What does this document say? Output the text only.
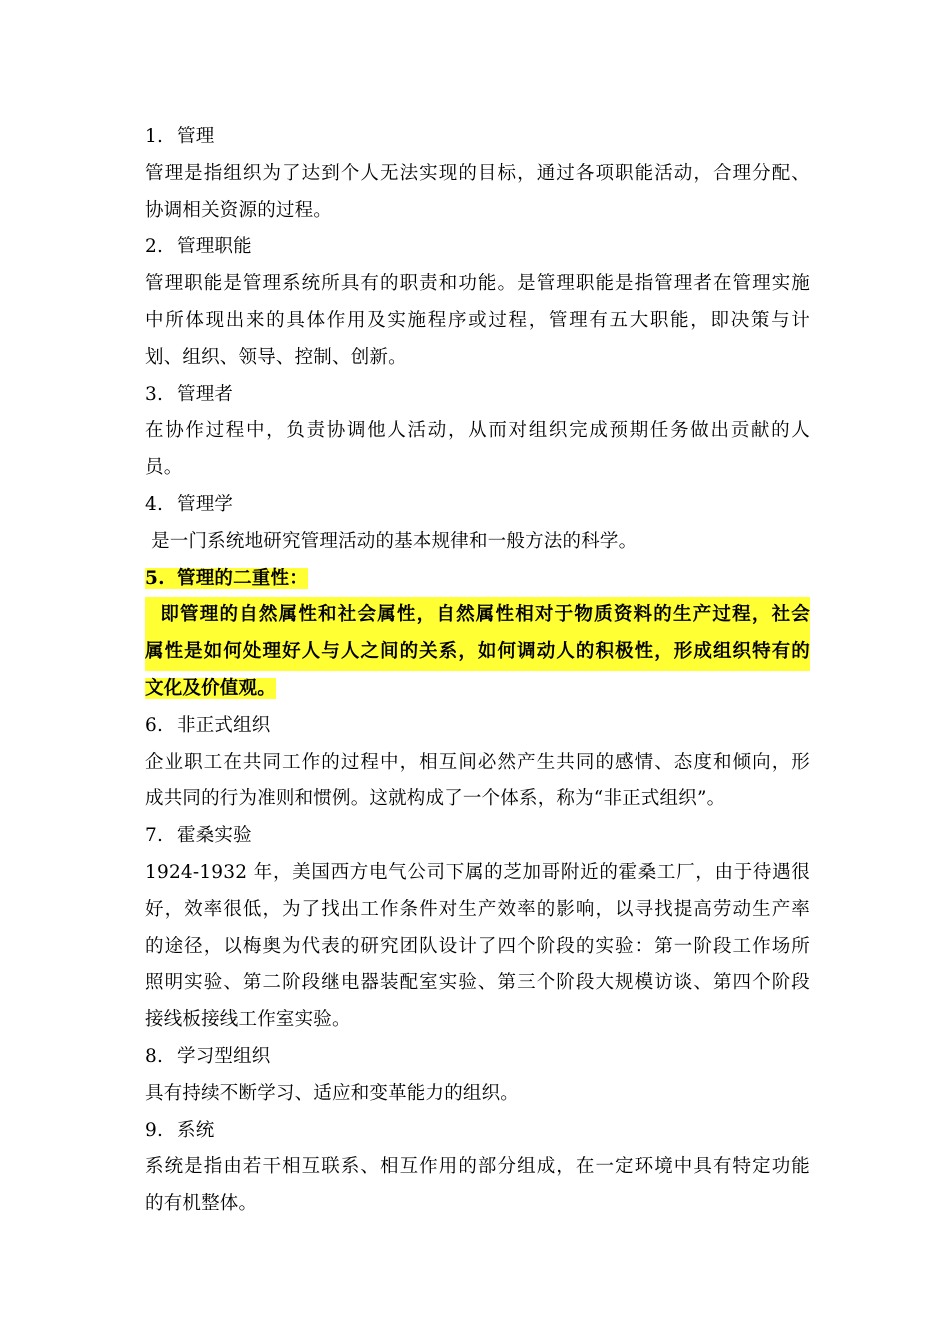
1. 管理
管理是指组织为了达到个人无法实现的目标，通过各项职能活动，合理分配、
协调相关资源的过程。
2. 管理职能
管理职能是管理系统所具有的职责和功能。是管理职能是指管理者在管理实施
中所体现出来的具体作用及实施程序或过程，管理有五大职能，即决策与计
划、组织、领导、控制、创新。
3. 管理者
在协作过程中，负责协调他人活动，从而对组织完成预期任务做出贡献的人
员。
4. 管理学
是一门系统地研究管理活动的基本规律和一般方法的科学。
5. 管理的二重性：
即管理的自然属性和社会属性，自然属性相对于物质资料的生产过程，社会
属性是如何处理好人与人之间的关系，如何调动人的积极性，形成组织特有的
文化及价值观。
6. 非正式组织
企业职工在共同工作的过程中，相互间必然产生共同的感情、态度和倾向，形
成共同的行为准则和惯例。这就构成了一个体系，称为“非正式组织”。
7. 霍桑实验
1924-1932 年，美国西方电气公司下属的芝加哥附近的霍桑工厂，由于待遇很
好，效率很低，为了找出工作条件对生产效率的影响，以寻找提高劳动生产率
的途径，以梅奥为代表的研究团队设计了四个阶段的实验：第一阶段工作场所
照明实验、第二阶段继电器装配室实验、第三个阶段大规模访谈、第四个阶段
接线板接线工作室实验。
8. 学习型组织
具有持续不断学习、适应和变革能力的组织。
9. 系统
系统是指由若干相互联系、相互作用的部分组成，在一定环境中具有特定功能
的有机整体。
